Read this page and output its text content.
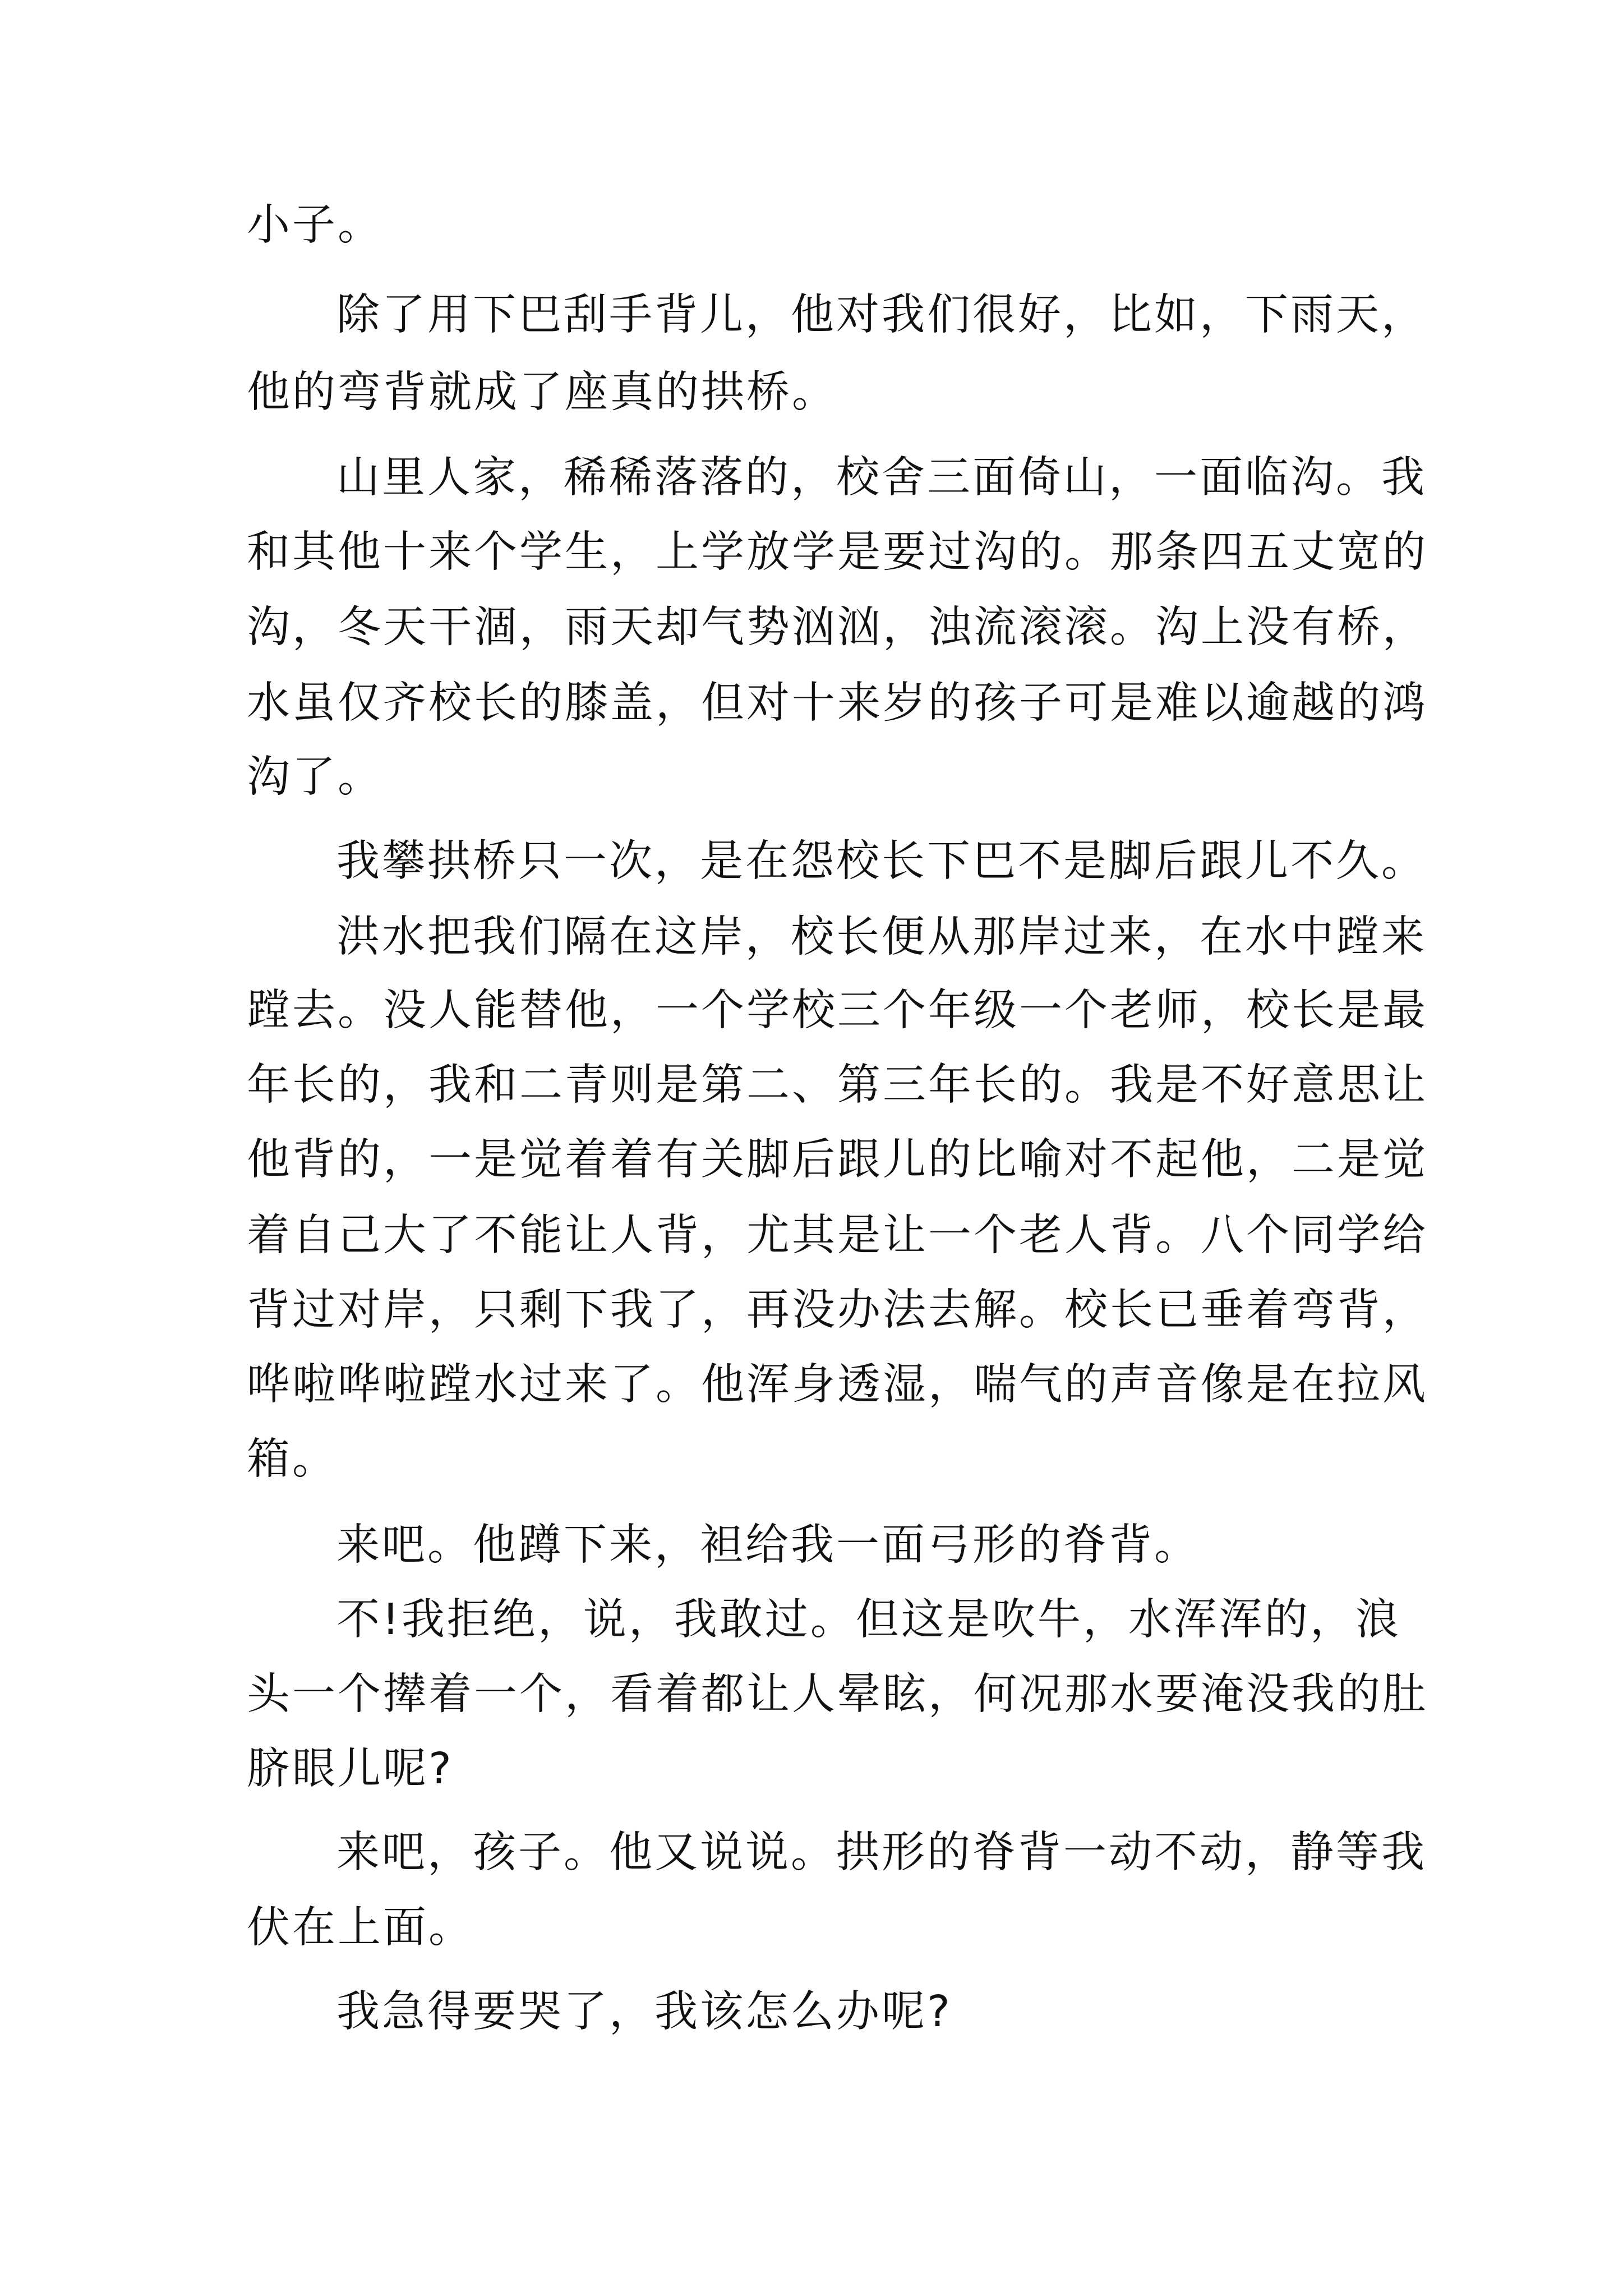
小子。
除了用下巴刮手背儿，他对我们很好，比如，下雨天，
他的弯背就成了座真的拱桥。
山里人家，稀稀落落的，校舍三面倚山，一面临沟。我
和其他十来个学生，上学放学是要过沟的。那条四五丈宽的
沟，冬天干涸，雨天却气势汹汹，浊流滚滚。沟上没有桥，
水虽仅齐校长的膝盖，但对十来岁的孩子可是难以逾越的鸿
沟了。
我攀拱桥只一次，是在怨校长下巴不是脚后跟儿不久。
洪水把我们隔在这岸，校长便从那岸过来，在水中蹚来
蹚去。没人能替他，一个学校三个年级一个老师，校长是最
年长的，我和二青则是第二、第三年长的。我是不好意思让
他背的，一是觉着着有关脚后跟儿的比喻对不起他，二是觉
着自己大了不能让人背，尤其是让一个老人背。八个同学给
背过对岸，只剩下我了，再没办法去解。校长已垂着弯背，
哗啦哗啦蹚水过来了。他浑身透湿，喘气的声音像是在拉风
箱。
来吧。他蹲下来，袒给我一面弓形的脊背。
不!我拒绝，说，我敢过。但这是吹牛，水浑浑的，浪
头一个撵着一个，看着都让人晕眩，何况那水要淹没我的肚
脐眼儿呢?
来吧，孩子。他又说说。拱形的脊背一动不动，静等我
伏在上面。
我急得要哭了，我该怎么办呢?
